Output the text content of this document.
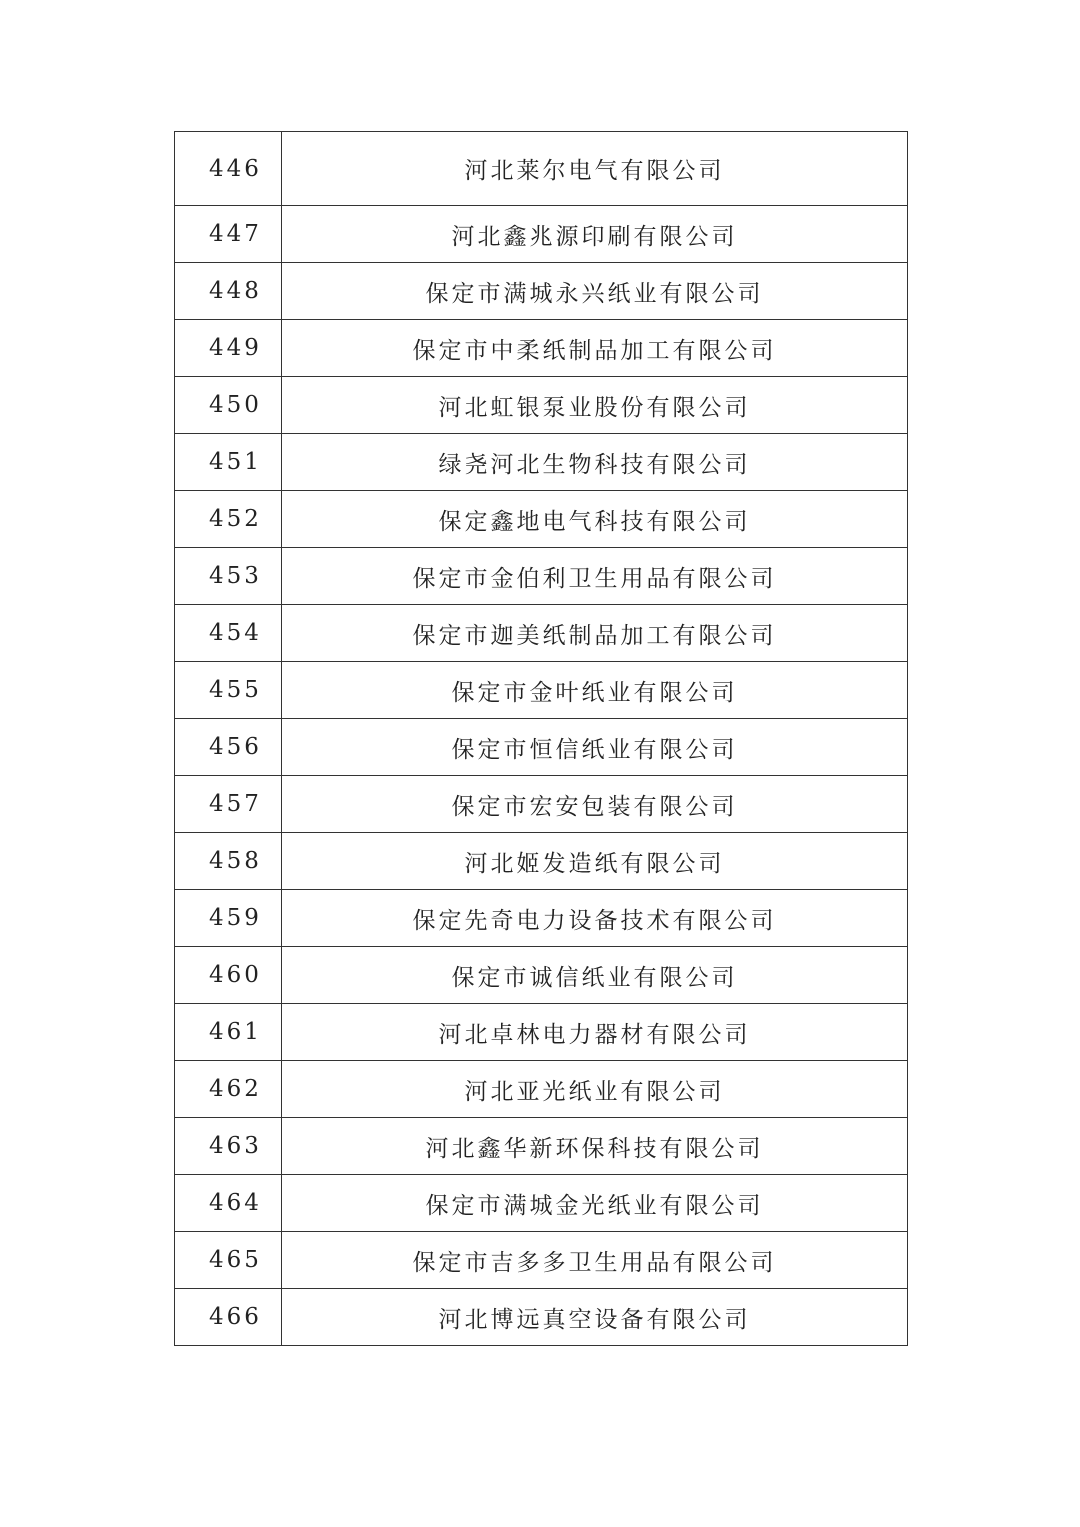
446	河北莱尔电气有限公司
447	河北鑫兆源印刷有限公司
448	保定市满城永兴纸业有限公司
449	保定市中柔纸制品加工有限公司
450	河北虹银泵业股份有限公司
451	绿尧河北生物科技有限公司
452	保定鑫地电气科技有限公司
453	保定市金伯利卫生用品有限公司
454	保定市迦美纸制品加工有限公司
455	保定市金叶纸业有限公司
456	保定市恒信纸业有限公司
457	保定市宏安包装有限公司
458	河北姬发造纸有限公司
459	保定先奇电力设备技术有限公司
460	保定市诚信纸业有限公司
461	河北卓林电力器材有限公司
462	河北亚光纸业有限公司
463	河北鑫华新环保科技有限公司
464	保定市满城金光纸业有限公司
465	保定市吉多多卫生用品有限公司
466	河北博远真空设备有限公司
